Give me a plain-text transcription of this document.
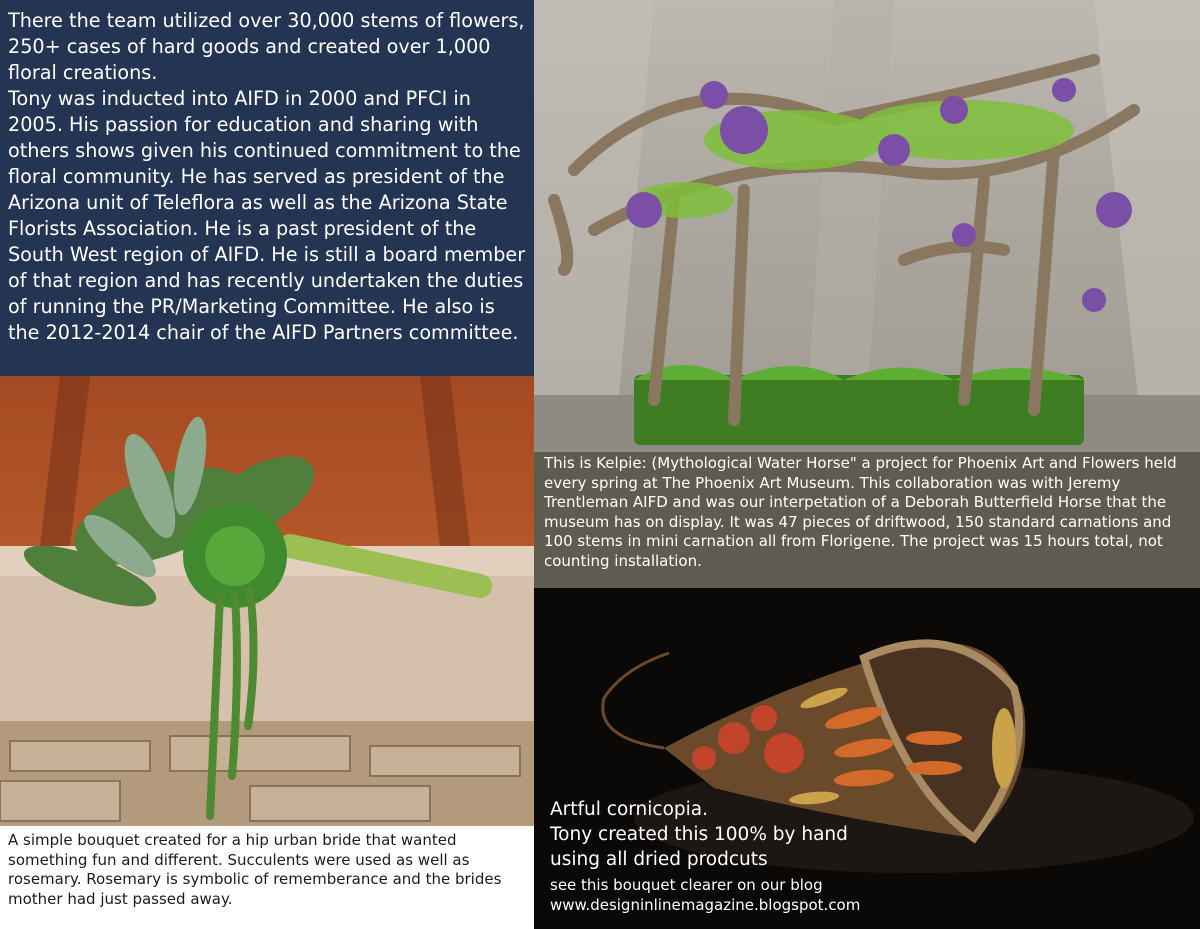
There the team utilized over 30,000 stems of flowers, 250+ cases of hard goods and created over 1,000 floral creations.

Tony was inducted into AIFD in 2000 and PFCI in 2005. His passion for education and sharing with others shows given his continued commitment to the floral community. He has served as president of the Arizona unit of Teleflora as well as the Arizona State Florists Association. He is a past president of the South West region of AIFD. He is still a board member of that region and has recently undertaken the duties of running the PR/Marketing Committee. He also is the 2012-2014 chair of the AIFD Partners committee.

This is Kelpie: (Mythological Water Horse" a project for Phoenix Art and Flowers held every spring at The Phoenix Art Museum. This collaboration was with Jeremy Trentleman AIFD and was our interpetation of a Deborah Butterfield Horse that the museum has on display. It was 47 pieces of driftwood, 150 standard carnations and 100 stems in mini carnation all from Florigene. The project was 15 hours total, not counting installation.

A simple bouquet created for a hip urban bride that wanted something fun and different. Succulents were used as well as rosemary. Rosemary is symbolic of rememberance and the brides mother had just passed away.

Artful cornicopia.

Tony created this 100% by hand

using all dried prodcuts

see this bouquet clearer on our blog

www.designinlinemagazine.blogspot.com
